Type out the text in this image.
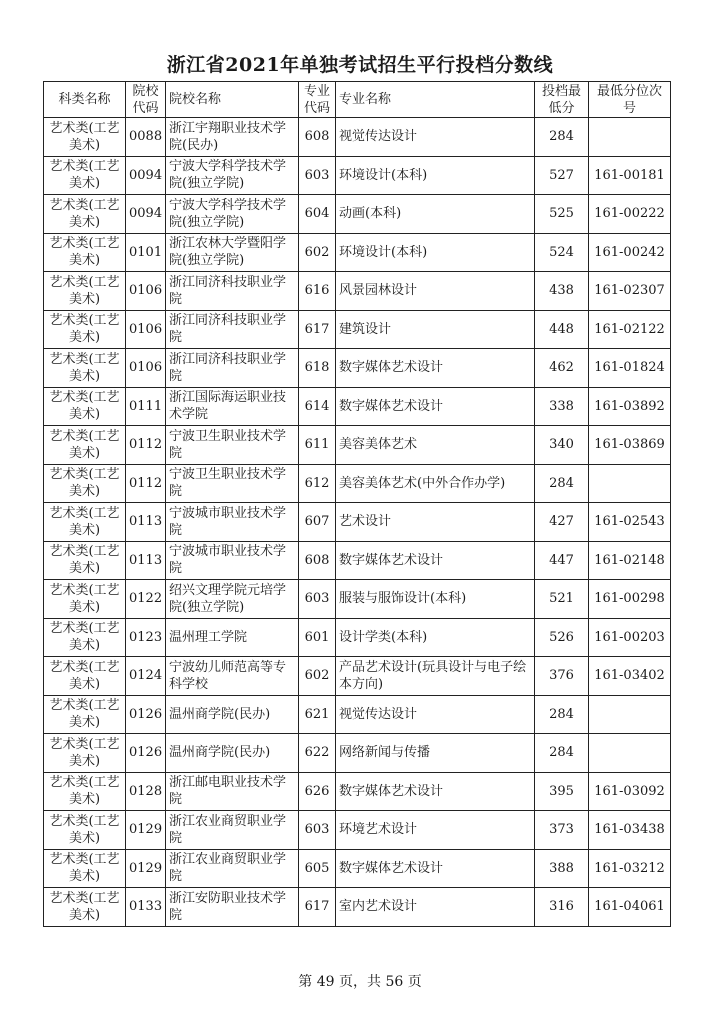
浙江省2021年单独考试招生平行投档分数线
科类名称	院校代码	院校名称	专业代码	专业名称	投档最低分	最低分位次号
艺术类(工艺美术)	0088	浙江宇翔职业技术学院(民办)	608	视觉传达设计	284	
艺术类(工艺美术)	0094	宁波大学科学技术学院(独立学院)	603	环境设计(本科)	527	161-00181
艺术类(工艺美术)	0094	宁波大学科学技术学院(独立学院)	604	动画(本科)	525	161-00222
艺术类(工艺美术)	0101	浙江农林大学暨阳学院(独立学院)	602	环境设计(本科)	524	161-00242
艺术类(工艺美术)	0106	浙江同济科技职业学院	616	风景园林设计	438	161-02307
艺术类(工艺美术)	0106	浙江同济科技职业学院	617	建筑设计	448	161-02122
艺术类(工艺美术)	0106	浙江同济科技职业学院	618	数字媒体艺术设计	462	161-01824
艺术类(工艺美术)	0111	浙江国际海运职业技术学院	614	数字媒体艺术设计	338	161-03892
艺术类(工艺美术)	0112	宁波卫生职业技术学院	611	美容美体艺术	340	161-03869
艺术类(工艺美术)	0112	宁波卫生职业技术学院	612	美容美体艺术(中外合作办学)	284	
艺术类(工艺美术)	0113	宁波城市职业技术学院	607	艺术设计	427	161-02543
艺术类(工艺美术)	0113	宁波城市职业技术学院	608	数字媒体艺术设计	447	161-02148
艺术类(工艺美术)	0122	绍兴文理学院元培学院(独立学院)	603	服装与服饰设计(本科)	521	161-00298
艺术类(工艺美术)	0123	温州理工学院	601	设计学类(本科)	526	161-00203
艺术类(工艺美术)	0124	宁波幼儿师范高等专科学校	602	产品艺术设计(玩具设计与电子绘本方向)	376	161-03402
艺术类(工艺美术)	0126	温州商学院(民办)	621	视觉传达设计	284	
艺术类(工艺美术)	0126	温州商学院(民办)	622	网络新闻与传播	284	
艺术类(工艺美术)	0128	浙江邮电职业技术学院	626	数字媒体艺术设计	395	161-03092
艺术类(工艺美术)	0129	浙江农业商贸职业学院	603	环境艺术设计	373	161-03438
艺术类(工艺美术)	0129	浙江农业商贸职业学院	605	数字媒体艺术设计	388	161-03212
艺术类(工艺美术)	0133	浙江安防职业技术学院	617	室内艺术设计	316	161-04061
第 49 页，共 56 页
